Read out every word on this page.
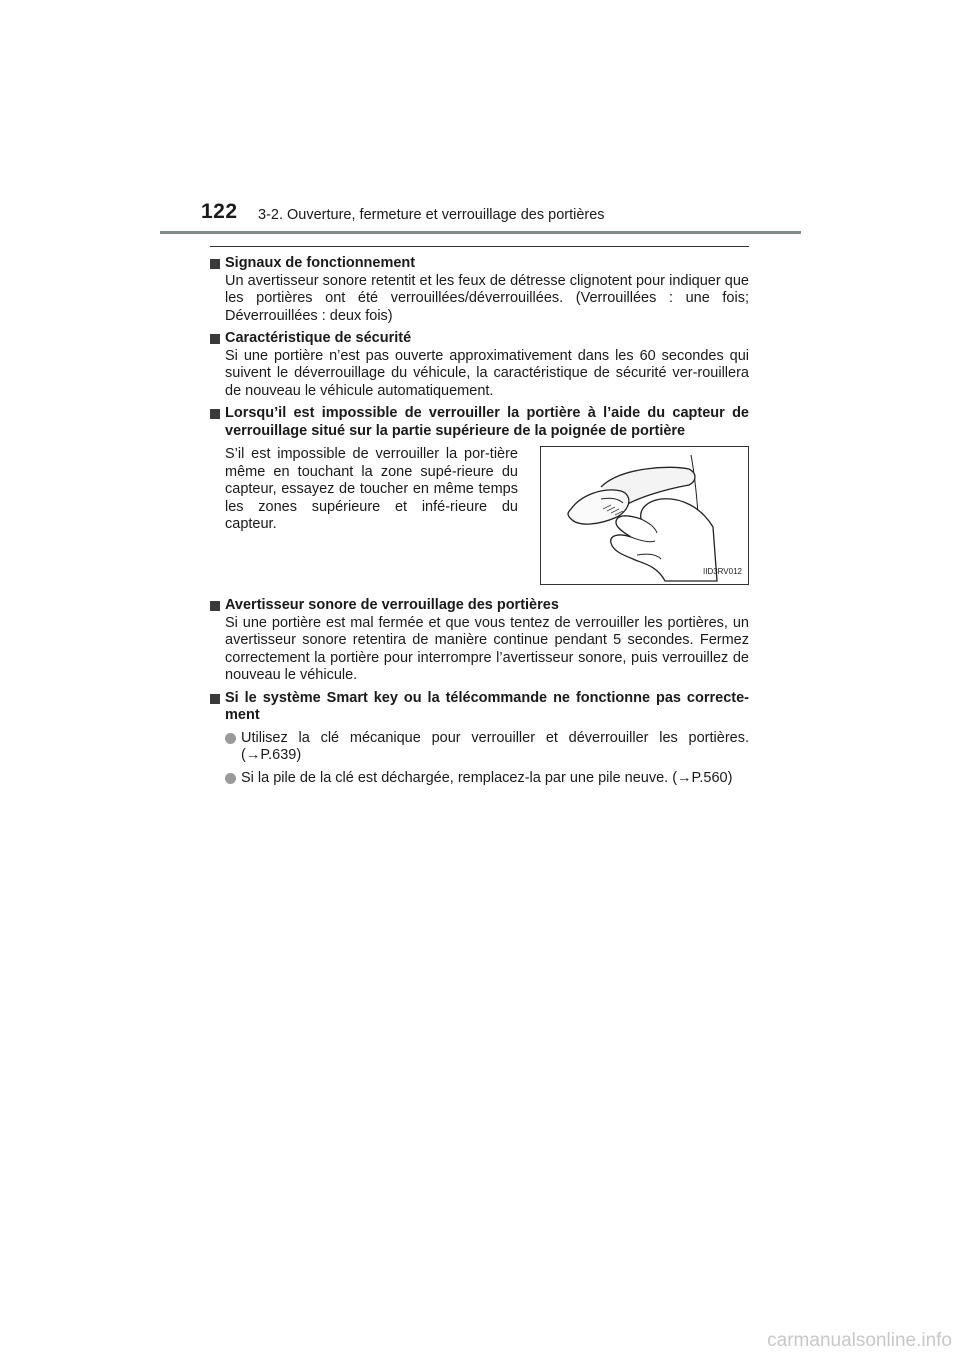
122 3-2. Ouverture, fermeture et verrouillage des portières
Signaux de fonctionnement
Un avertisseur sonore retentit et les feux de détresse clignotent pour indiquer que les portières ont été verrouillées/déverrouillées. (Verrouillées : une fois; Déverrouillées : deux fois)
Caractéristique de sécurité
Si une portière n’est pas ouverte approximativement dans les 60 secondes qui suivent le déverrouillage du véhicule, la caractéristique de sécurité ver-rouillera de nouveau le véhicule automatiquement.
Lorsqu’il est impossible de verrouiller la portière à l’aide du capteur de verrouillage situé sur la partie supérieure de la poignée de portière
S’il est impossible de verrouiller la por-tière même en touchant la zone supé-rieure du capteur, essayez de toucher en même temps les zones supérieure et infé-rieure du capteur.
IID3RV012
Avertisseur sonore de verrouillage des portières
Si une portière est mal fermée et que vous tentez de verrouiller les portières, un avertisseur sonore retentira de manière continue pendant 5 secondes. Fermez correctement la portière pour interrompre l’avertisseur sonore, puis verrouillez de nouveau le véhicule.
Si le système Smart key ou la télécommande ne fonctionne pas correcte-ment
Utilisez la clé mécanique pour verrouiller et déverrouiller les portières. (→P.639)
Si la pile de la clé est déchargée, remplacez-la par une pile neuve. (→P.560)
carmanualsonline.info
